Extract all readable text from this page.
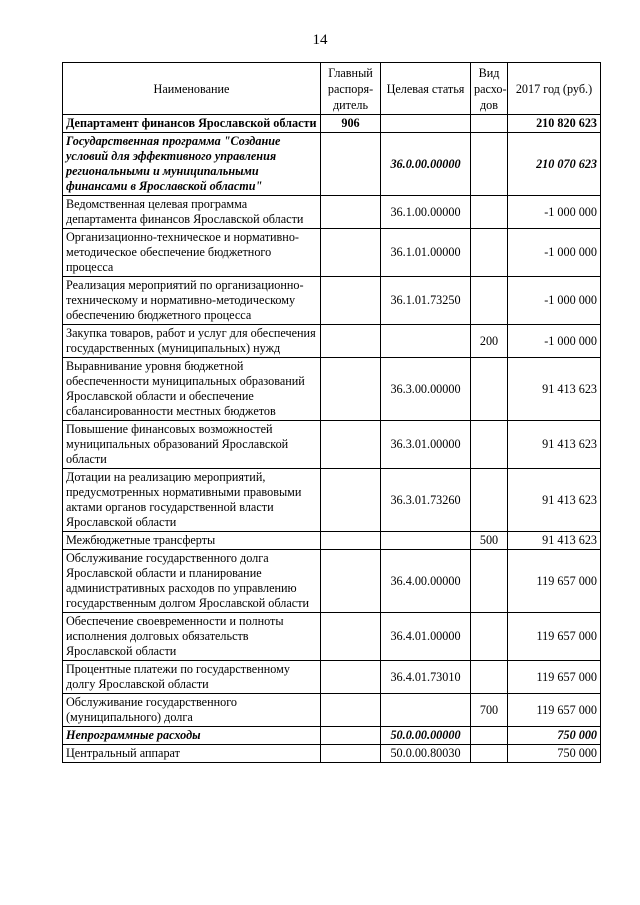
14
Наименование	Главный распоря-дитель	Целевая статья	Вид расхо-дов	2017 год (руб.)
Департамент финансов Ярославской области	906			210 820 623
Государственная программа "Создание условий для эффективного управления региональными и муниципальными финансами в Ярославской области"		36.0.00.00000		210 070 623
Ведомственная целевая программа департамента финансов Ярославской области		36.1.00.00000		-1 000 000
Организационно-техническое и нормативно-методическое обеспечение бюджетного процесса		36.1.01.00000		-1 000 000
Реализация мероприятий по организационно-техническому и нормативно-методическому обеспечению бюджетного процесса		36.1.01.73250		-1 000 000
Закупка товаров, работ и услуг для обеспечения государственных (муниципальных) нужд			200	-1 000 000
Выравнивание уровня бюджетной обеспеченности муниципальных образований Ярославской области и обеспечение сбалансированности местных бюджетов		36.3.00.00000		91 413 623
Повышение финансовых возможностей муниципальных образований Ярославской области		36.3.01.00000		91 413 623
Дотации на реализацию мероприятий, предусмотренных нормативными правовыми актами органов государственной власти Ярославской области		36.3.01.73260		91 413 623
Межбюджетные трансферты			500	91 413 623
Обслуживание государственного долга Ярославской области и планирование административных расходов по управлению государственным долгом Ярославской области		36.4.00.00000		119 657 000
Обеспечение своевременности и полноты исполнения долговых обязательств Ярославской области		36.4.01.00000		119 657 000
Процентные платежи по государственному долгу Ярославской области		36.4.01.73010		119 657 000
Обслуживание государственного (муниципального) долга			700	119 657 000
Непрограммные расходы		50.0.00.00000		750 000
Центральный аппарат		50.0.00.80030		750 000
